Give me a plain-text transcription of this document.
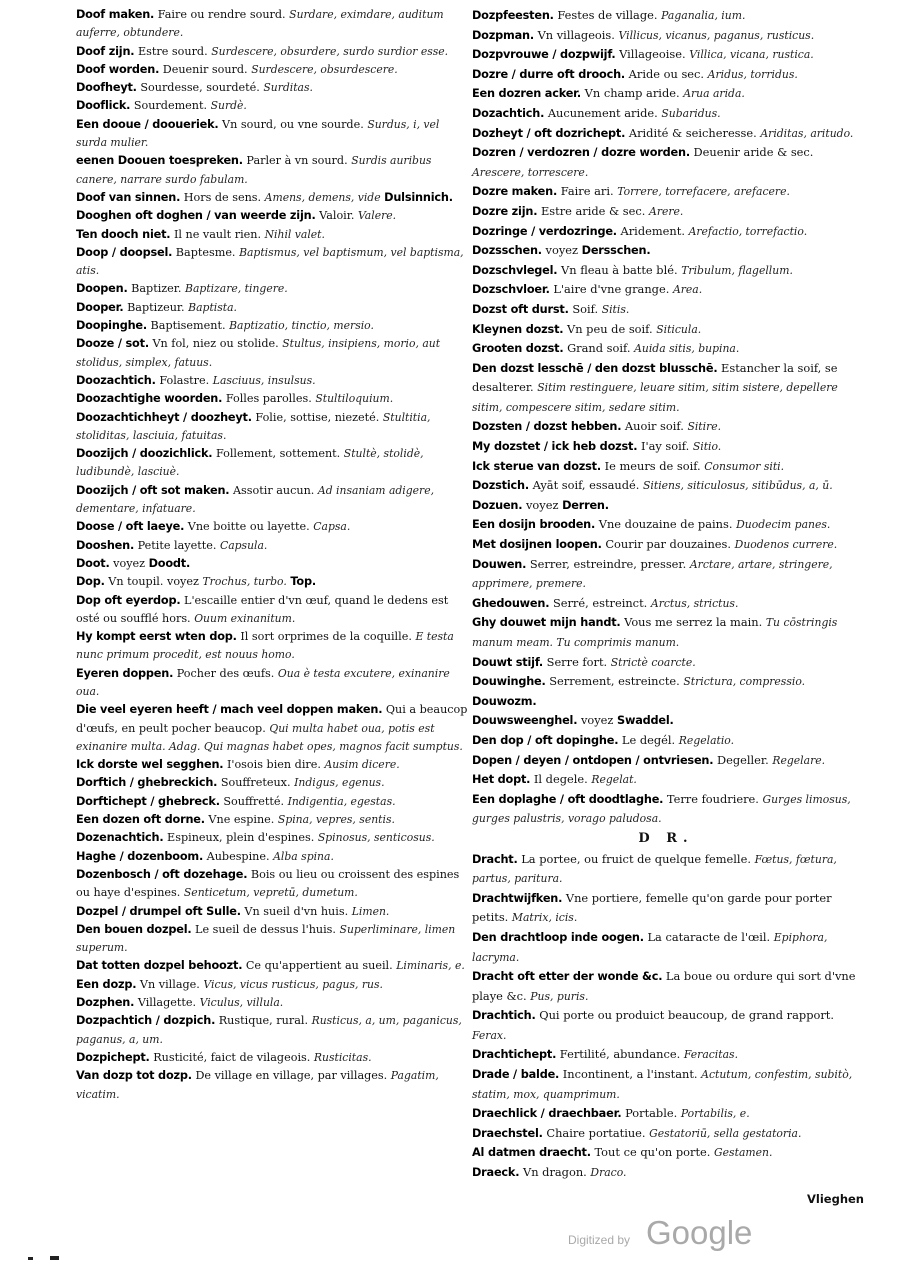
Doof maken. Faire ou rendre sourd. Surdare, eximdare, auditum auferre, obtundere.
Doof zijn. Estre sourd. Surdescere, obsurdere, surdo surdior esse.
Doof worden. Deuenir sourd. Surdescere, obsurdescere.
Doofheyt. Sourdesse, sourdeté. Surditas.
Dooflick. Sourdement. Surdè.
Een dooue / dooueriek. Vn sourd, ou vne sourde. Surdus, i, vel surda mulier.
eenen Doouen toespreken. Parler à vn sourd. Surdis auribus canere, narrare surdo fabulam.
Doof van sinnen. Hors de sens. Amens, demens, vide Dulsinnich.
Dooghen oft doghen / van weerde zijn. Valoir. Valere.
Ten dooch niet. Il ne vault rien. Nihil valet.
Doop / doopsel. Baptesme. Baptismus, vel baptismum, vel baptisma, atis.
Doopen. Baptizer. Baptizare, tingere.
Dooper. Baptizeur. Baptista.
Doopinghe. Baptisement. Baptizatio, tinctio, mersio.
Dooze / sot. Vn fol, niez ou stolide. Stultus, insipiens, morio, aut stolidus, simplex, fatuus.
Doozachtich. Folastre. Lasciuus, insulsus.
Doozachtighe woorden. Folles parolles. Stultiloquium.
Doozachtichheyt / doozheyt. Folie, sottise, niezeté. Stultitia, stoliditas, lasciuia, fatuitas.
Doozijch / doozichlick. Follement, sottement. Stultè, stolidè, ludibundè, lasciuè.
Doozijch / oft sot maken. Assotir aucun. Ad insaniam adigere, dementare, infatuare.
Doose / oft laeye. Vne boitte ou layette. Capsa.
Dooshen. Petite layette. Capsula.
Doot. voyez Doodt.
Dop. Vn toupil. voyez Trochus, turbo. Top.
Dop oft eyerdop. L'escaille entier d'vn œuf, quand le dedens est osté ou soufflé hors. Ouum exinanitum.
Hy kompt eerst wten dop. Il sort orprimes de la coquille. E testa nunc primum procedit, est nouus homo.
Eyeren doppen. Pocher des œufs. Oua è testa excutere, exinanire oua.
Die veel eyeren heeft / mach veel doppen maken. Qui a beaucop d'œufs, en peult pocher beaucop. Qui multa habet oua, potis est exinanire multa. Adag. Qui magnas habet opes, magnos facit sumptus.
Ick dorste wel segghen. I'osois bien dire. Ausim dicere.
Dorftich / ghebreckich. Souffreteux. Indigus, egenus.
Dorftichept / ghebreck. Souffretté. Indigentia, egestas.
Een dozen oft dorne. Vne espine. Spina, vepres, sentis.
Dozenachtich. Espineux, plein d'espines. Spinosus, senticosus.
Haghe / dozenboom. Aubespine. Alba spina.
Dozenbosch / oft dozehage. Bois ou lieu ou croissent des espines ou haye d'espines. Senticetum, vepretū, dumetum.
Dozpel / drumpel oft Sulle. Vn sueil d'vn huis. Limen.
Den bouen dozpel. Le sueil de dessus l'huis. Superliminare, limen superum.
Dat totten dozpel behoozt. Ce qu'appertient au sueil. Liminaris, e.
Een dozp. Vn village. Vicus, vicus rusticus, pagus, rus.
Dozphen. Villagette. Viculus, villula.
Dozpachtich / dozpich. Rustique, rural. Rusticus, a, um, paganicus, paganus, a, um.
Dozpichept. Rusticité, faict de vilageois. Rusticitas.
Van dozp tot dozp. De village en village, par villages. Pagatim, vicatim.
Dozpfeesten. Festes de village. Paganalia, ium.
Dozpman. Vn villageois. Villicus, vicanus, paganus, rusticus.
Dozpvrouwe / dozpwijf. Villageoise. Villica, vicana, rustica.
Dozre / durre oft drooch. Aride ou sec. Aridus, torridus.
Een dozren acker. Vn champ aride. Arua arida.
Dozachtich. Aucunement aride. Subaridus.
Dozheyt / oft dozrichept. Aridité & seicheresse. Ariditas, aritudo.
Dozren / verdozren / dozre worden. Deuenir aride & sec. Arescere, torrescere.
Dozre maken. Faire ari. Torrere, torrefacere, arefacere.
Dozre zijn. Estre aride & sec. Arere.
Dozringe / verdozringe. Aridement. Arefactio, torrefactio.
Dozsschen. voyez Dersschen.
Dozschvlegel. Vn fleau à batte blé. Tribulum, flagellum.
Dozschvloer. L'aire d'vne grange. Area.
Dozst oft durst. Soif. Sitis.
Kleynen dozst. Vn peu de soif. Siticula.
Grooten dozst. Grand soif. Auida sitis, bupina.
Den dozst lesschē / den dozst blusschē. Estancher la soif, se desalterer. Sitim restinguere, leuare sitim, sitim sistere, depellere sitim, compescere sitim, sedare sitim.
Dozsten / dozst hebben. Auoir soif. Sitire.
My dozstet / ick heb dozst. I'ay soif. Sitio.
Ick sterue van dozst. Ie meurs de soif. Consumor siti.
Dozstich. Ayāt soif, essaudé. Sitiens, siticulosus, sitibūdus, a, ū.
Dozuen. voyez Derren.
Een dosijn brooden. Vne douzaine de pains. Duodecim panes.
Met dosijnen loopen. Courir par douzaines. Duodenos currere.
Douwen. Serrer, estreindre, presser. Arctare, artare, stringere, apprimere, premere.
Ghedouwen. Serré, estreinct. Arctus, strictus.
Ghy douwet mijn handt. Vous me serrez la main. Tu cōstringis manum meam. Tu comprimis manum.
Douwt stijf. Serre fort. Strictè coarcte.
Douwinghe. Serrement, estreincte. Strictura, compressio.
Douwozm.
Douwsweenghel. voyez Swaddel.
Den dop / oft dopinghe. Le degél. Regelatio.
Dopen / deyen / ontdopen / ontvriesen. Degeller. Regelare.
Het dopt. Il degele. Regelat.
Een doplaghe / oft doodtlaghe. Terre foudriere. Gurges limosus, gurges palustris, vorago paludosa.
D R.
Dracht. La portee, ou fruict de quelque femelle. Fœtus, fœtura, partus, paritura.
Drachtwijfken. Vne portiere, femelle qu'on garde pour porter petits. Matrix, icis.
Den drachtloop inde oogen. La cataracte de l'œil. Epiphora, lacryma.
Dracht oft etter der wonde &c. La boue ou ordure qui sort d'vne playe &c. Pus, puris.
Drachtich. Qui porte ou produict beaucoup, de grand rapport. Ferax.
Drachtichept. Fertilité, abundance. Feracitas.
Drade / balde. Incontinent, a l'instant. Actutum, confestim, subitò, statim, mox, quamprimum.
Draechlick / draechbaer. Portable. Portabilis, e.
Draechstel. Chaire portatiue. Gestatoriū, sella gestatoria.
Al datmen draecht. Tout ce qu'on porte. Gestamen.
Draeck. Vn dragon. Draco.
Vlieghen
Digitized by Google
